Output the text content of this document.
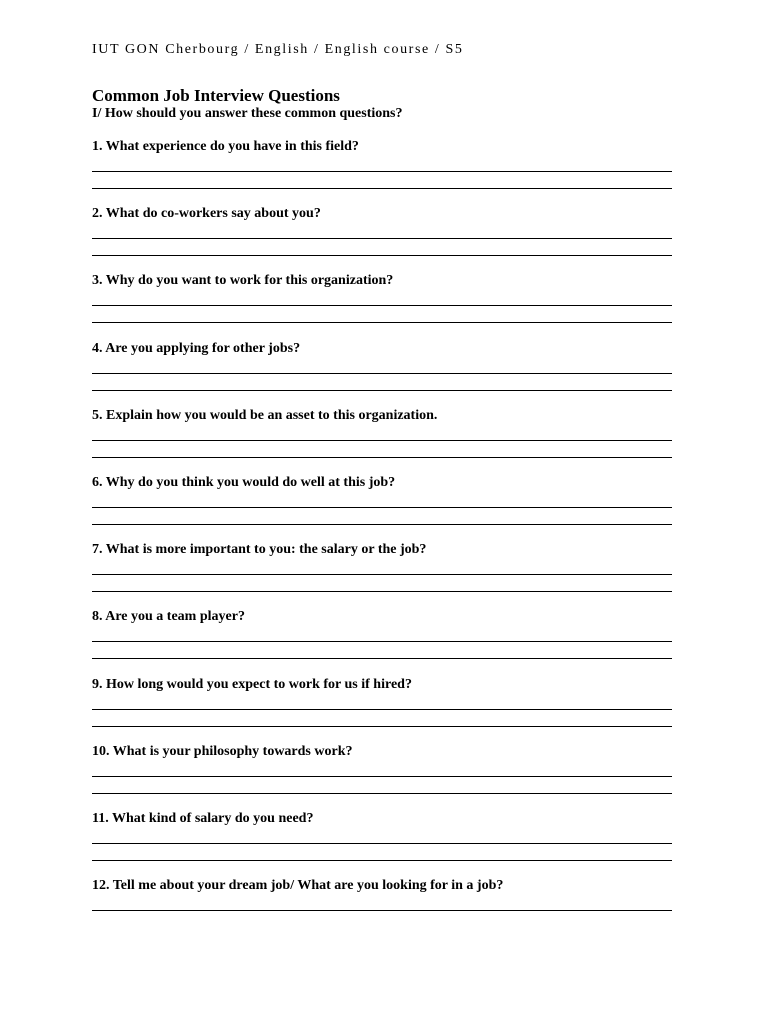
IUT GON Cherbourg / English / English course / S5
Common Job Interview Questions
I/ How should you answer these common questions?
1. What experience do you have in this field?
2. What do co-workers say about you?
3. Why do you want to work for this organization?
4. Are you applying for other jobs?
5. Explain how you would be an asset to this organization.
6. Why do you think you would do well at this job?
7. What is more important to you: the salary or the job?
8. Are you a team player?
9. How long would you expect to work for us if hired?
10. What is your philosophy towards work?
11. What kind of salary do you need?
12. Tell me about your dream job/ What are you looking for in a job?
